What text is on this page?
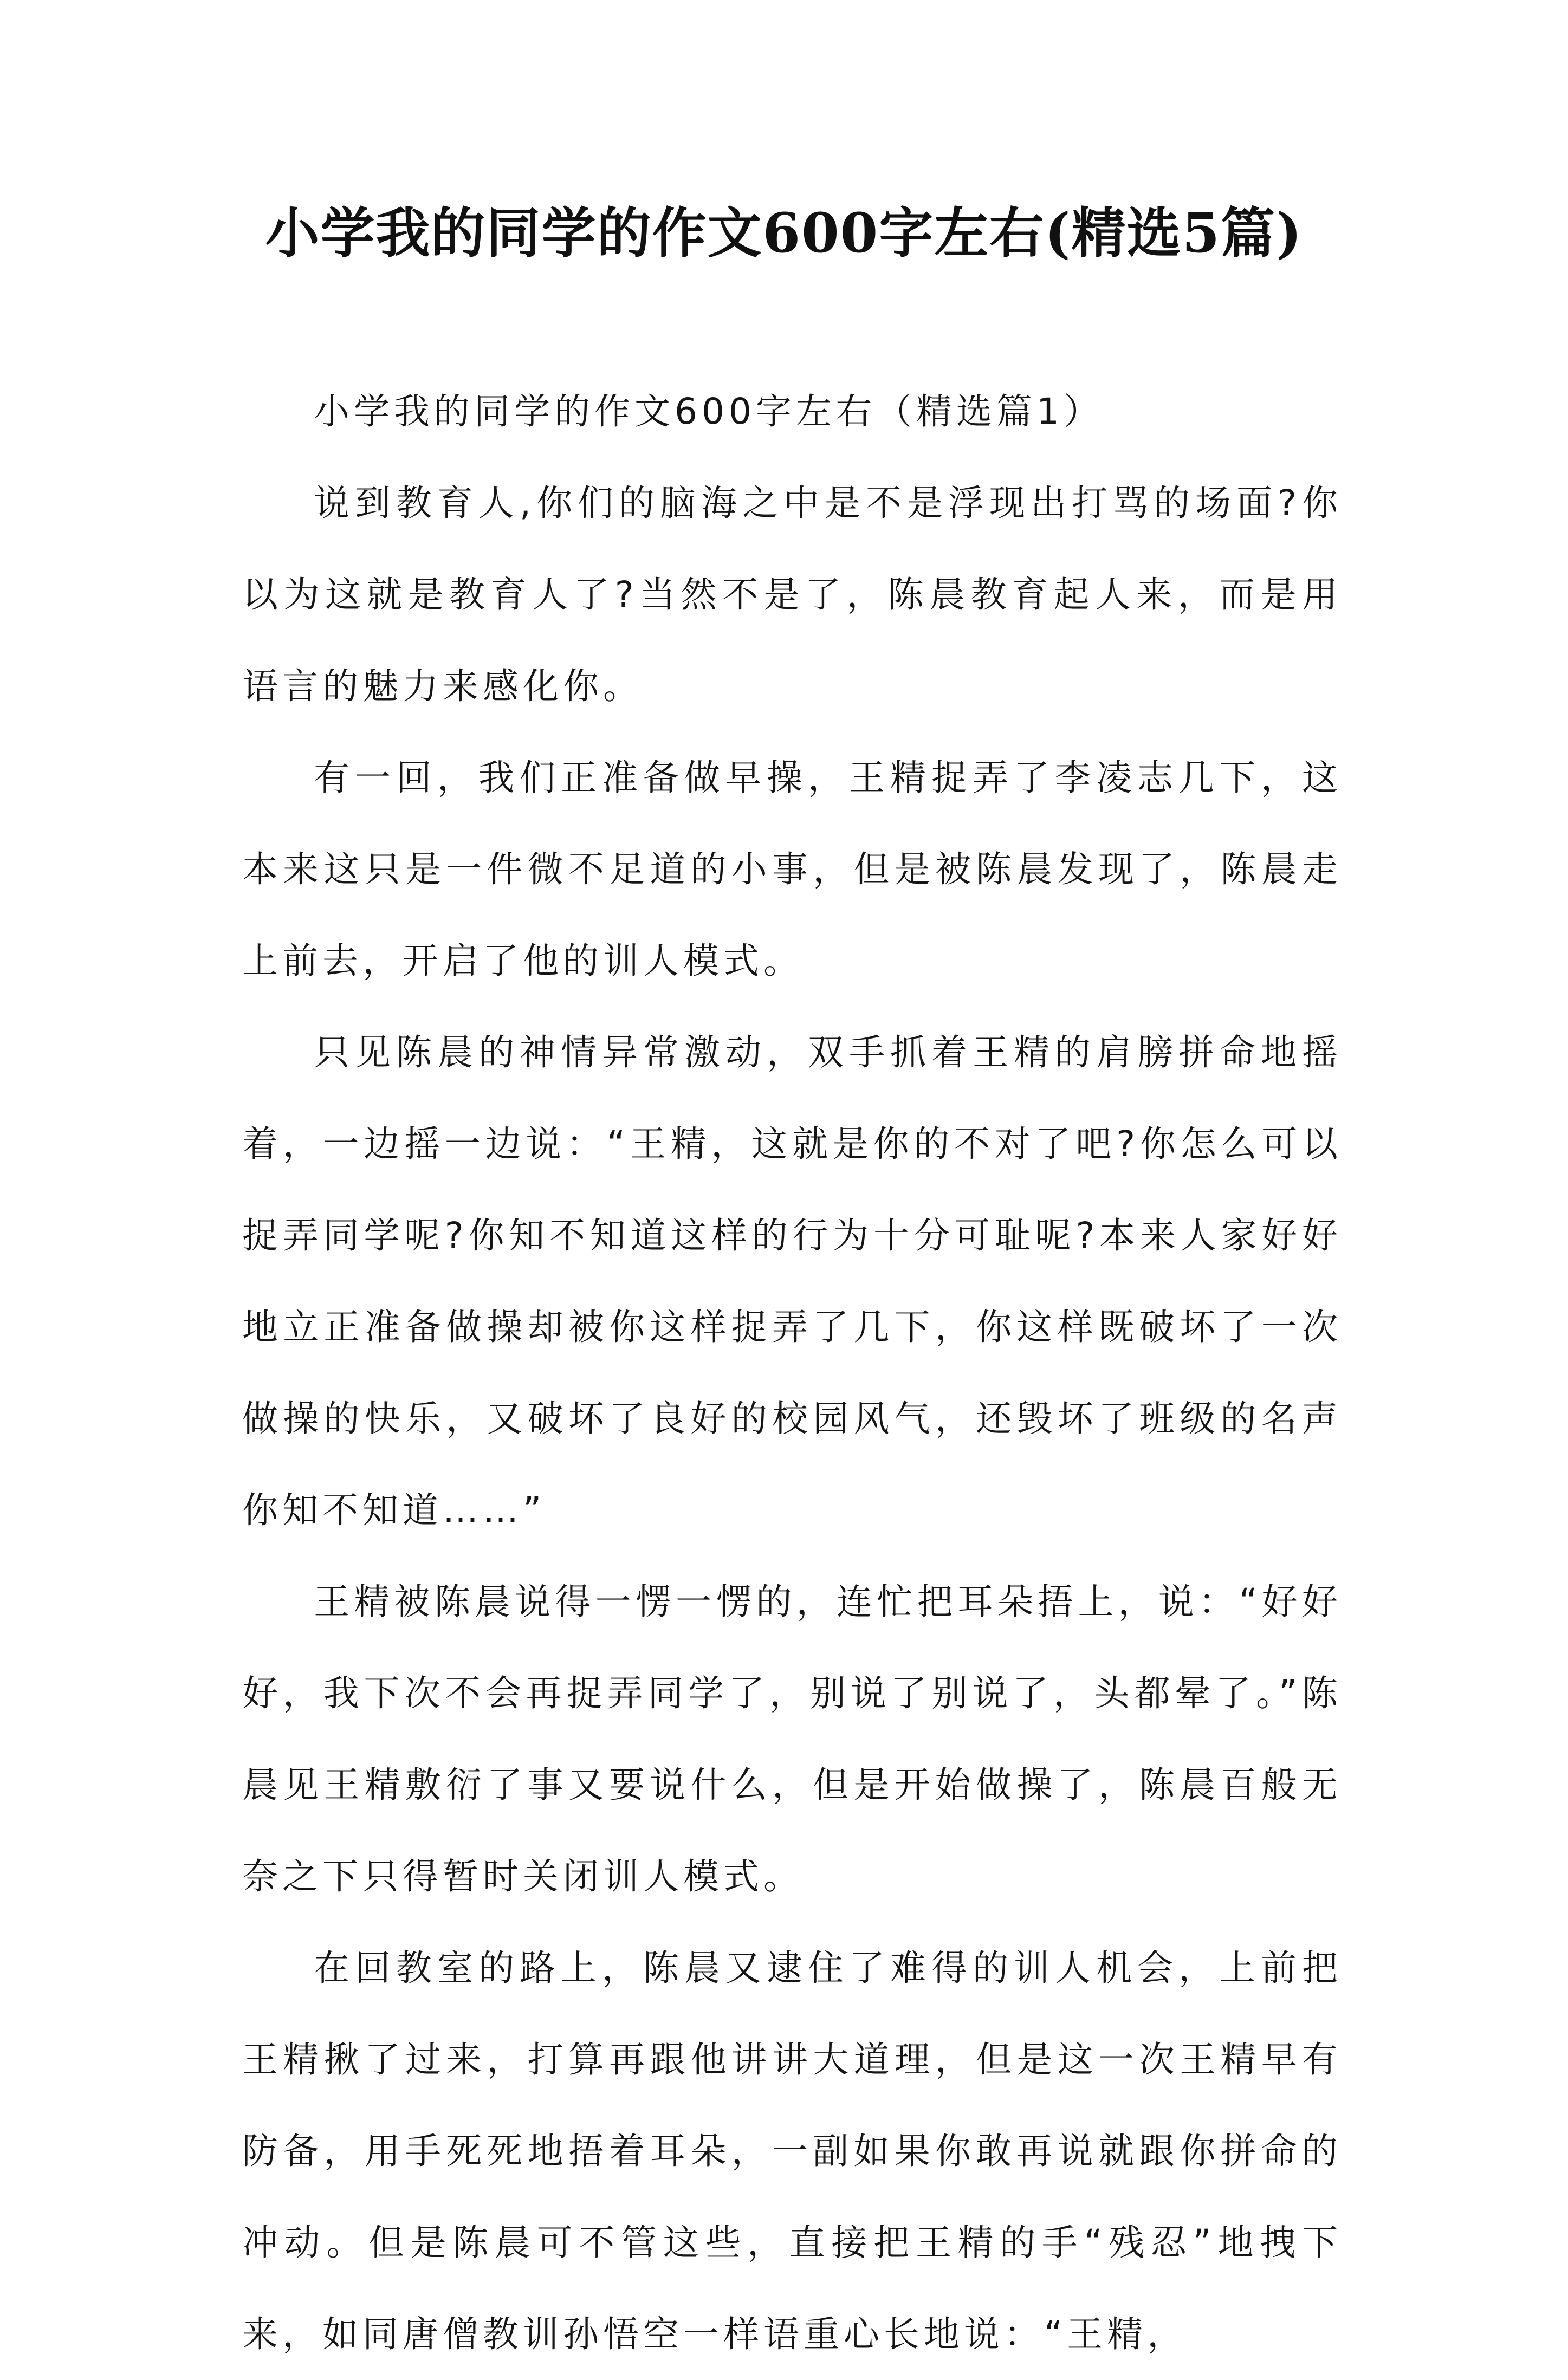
小学我的同学的作文600字左右(精选5篇)

小学我的同学的作文600字左右（精选篇1）

说到教育人,你们的脑海之中是不是浮现出打骂的场面?你以为这就是教育人了?当然不是了，陈晨教育起人来，而是用语言的魅力来感化你。

有一回，我们正准备做早操，王精捉弄了李凌志几下，这本来这只是一件微不足道的小事，但是被陈晨发现了，陈晨走上前去，开启了他的训人模式。

只见陈晨的神情异常激动，双手抓着王精的肩膀拼命地摇着，一边摇一边说：“王精，这就是你的不对了吧?你怎么可以捉弄同学呢?你知不知道这样的行为十分可耻呢?本来人家好好地立正准备做操却被你这样捉弄了几下，你这样既破坏了一次做操的快乐，又破坏了良好的校园风气，还毁坏了班级的名声你知不知道……”

王精被陈晨说得一愣一愣的，连忙把耳朵捂上，说：“好好好，我下次不会再捉弄同学了，别说了别说了，头都晕了。”陈晨见王精敷衍了事又要说什么，但是开始做操了，陈晨百般无奈之下只得暂时关闭训人模式。

在回教室的路上，陈晨又逮住了难得的训人机会，上前把王精揪了过来，打算再跟他讲讲大道理，但是这一次王精早有防备，用手死死地捂着耳朵，一副如果你敢再说就跟你拼命的冲动。但是陈晨可不管这些，直接把王精的手“残忍”地拽下来，如同唐僧教训孙悟空一样语重心长地说：“王精，
